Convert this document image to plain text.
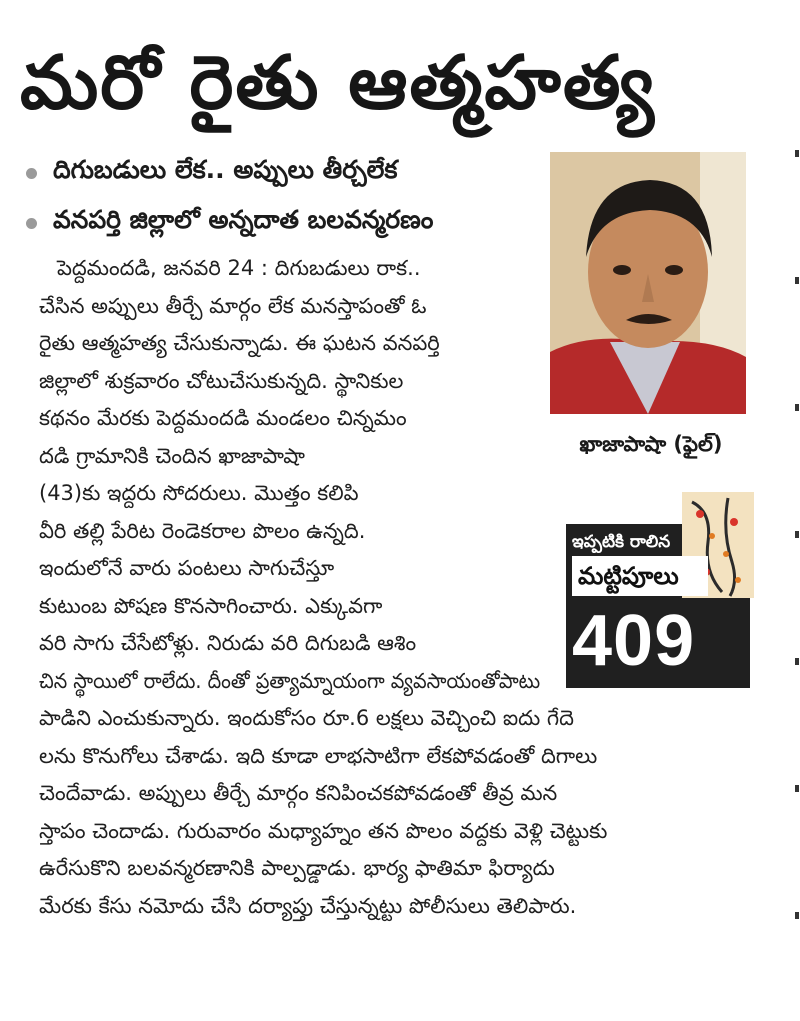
మరో రైతు ఆత్మహత్య
దిగుబడులు లేక.. అప్పులు తీర్చలేక
వనపర్తి జిల్లాలో అన్నదాత బలవన్మరణం
ఖాజాపాషా (ఫైల్)
పెద్దమందడి, జనవరి 24 : దిగుబడులు రాక..
చేసిన అప్పులు తీర్చే మార్గం లేక మనస్తాపంతో ఓ
రైతు ఆత్మహత్య చేసుకున్నాడు. ఈ ఘటన వనపర్తి
జిల్లాలో శుక్రవారం చోటుచేసుకున్నది. స్థానికుల
కథనం మేరకు పెద్దమందడి మండలం చిన్నమం
దడి గ్రామానికి చెందిన ఖాజాపాషా
(43)కు ఇద్దరు సోదరులు. మొత్తం కలిపి
వీరి తల్లి పేరిట రెండెకరాల పొలం ఉన్నది.
ఇందులోనే వారు పంటలు సాగుచేస్తూ
కుటుంబ పోషణ కొనసాగించారు. ఎక్కువగా
వరి సాగు చేసేటోళ్లు. నిరుడు వరి దిగుబడి ఆశిం
చిన స్థాయిలో రాలేదు. దీంతో ప్రత్యామ్నాయంగా వ్యవసాయంతోపాటు
పాడిని ఎంచుకున్నారు. ఇందుకోసం రూ.6 లక్షలు వెచ్చించి ఐదు గేదె
లను కొనుగోలు చేశాడు. ఇది కూడా లాభసాటిగా లేకపోవడంతో దిగాలు
చెందేవాడు. అప్పులు తీర్చే మార్గం కనిపించకపోవడంతో తీవ్ర మన
స్తాపం చెందాడు. గురువారం మధ్యాహ్నం తన పొలం వద్దకు వెళ్లి చెట్టుకు
ఉరేసుకొని బలవన్మరణానికి పాల్పడ్డాడు. భార్య ఫాతిమా ఫిర్యాదు
మేరకు కేసు నమోదు చేసి దర్యాప్తు చేస్తున్నట్టు పోలీసులు తెలిపారు.
ఇప్పటికి రాలిన
మట్టిపూలు
409
